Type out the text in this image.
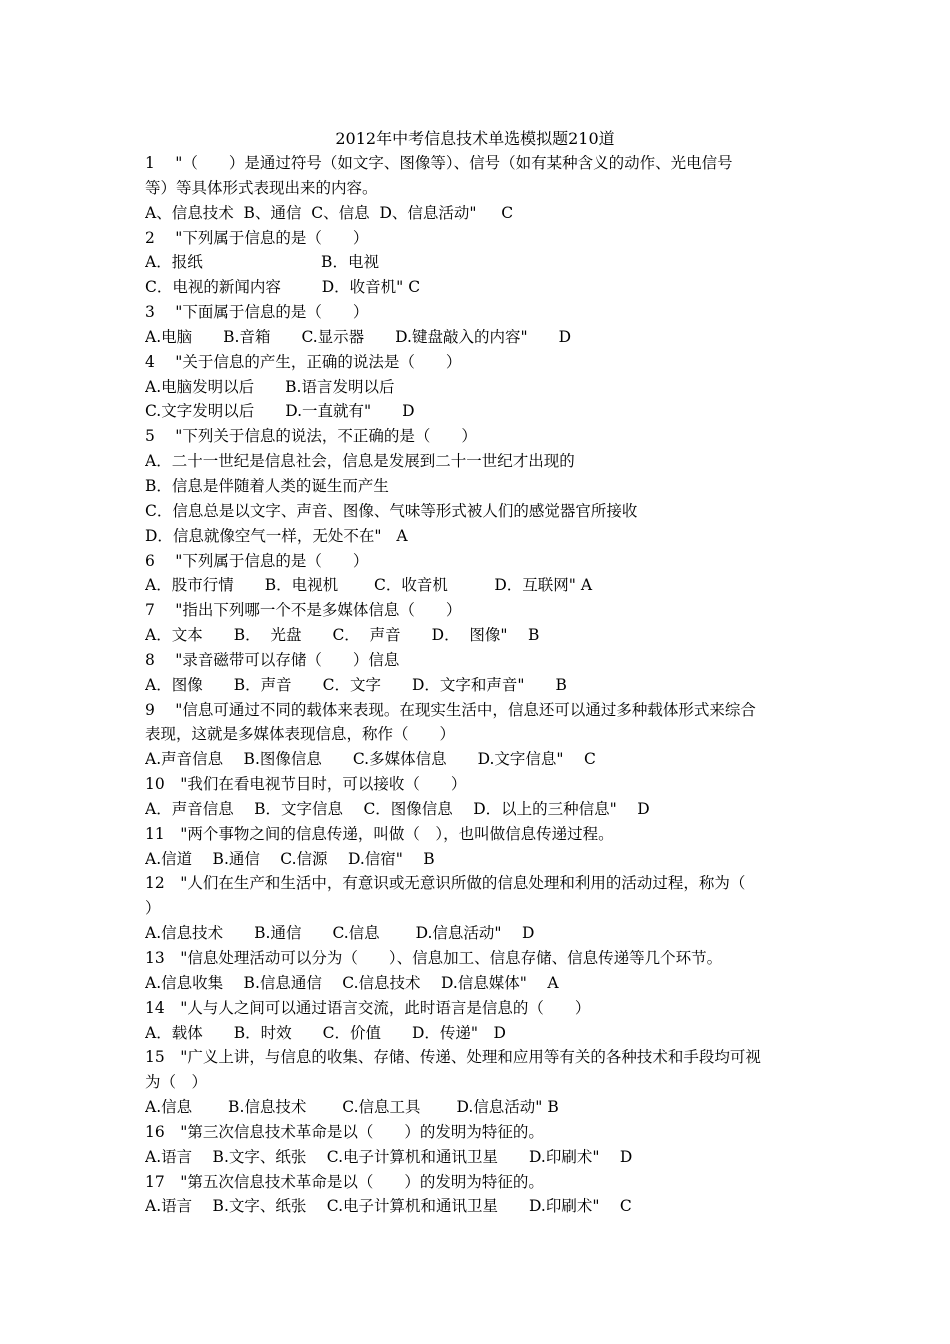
2012年中考信息技术单选模拟题210道
1　 "（　　）是通过符号（如文字、图像等）、信号（如有某种含义的动作、光电信号
等）等具体形式表现出来的内容。
A、信息技术  B、通信  C、信息  D、信息活动"     C
2　 "下列属于信息的是（　　）
A．报纸　　　　　　　  B．电视
C．电视的新闻内容　　  D．收音机" C
3　 "下面属于信息的是（　　）
A.电脑　　B.音箱　　C.显示器　　D.键盘敲入的内容"　　D
4　 "关于信息的产生，正确的说法是（　　）
A.电脑发明以后　　B.语言发明以后
C.文字发明以后　　D.一直就有"　　D
5　 "下列关于信息的说法，不正确的是（　　）
A．二十一世纪是信息社会，信息是发展到二十一世纪才出现的
B．信息是伴随着人类的诞生而产生
C．信息总是以文字、声音、图像、气味等形式被人们的感觉器官所接收
D．信息就像空气一样，无处不在"   A
6　 "下列属于信息的是（　　）
A．股市行情　　B．电视机　　 C．收音机　　　D．互联网" A
7　 "指出下列哪一个不是多媒体信息（　　）
A．文本　　B．  光盘　　C．  声音　　D．  图像"　 B
8　 "录音磁带可以存储（　　）信息
A．图像　　B．声音　　C．文字　　D．文字和声音"　　B
9　 "信息可通过不同的载体来表现。在现实生活中，信息还可以通过多种载体形式来综合
表现，这就是多媒体表现信息，称作（　　）
A.声音信息　 B.图像信息　　C.多媒体信息　　D.文字信息"　 C
10　"我们在看电视节目时，可以接收（　　）
A．声音信息　 B．文字信息　 C．图像信息　 D．以上的三种信息"　 D
11　"两个事物之间的信息传递，叫做（　），也叫做信息传递过程。
A.信道　 B.通信　 C.信源　 D.信宿"　 B
12　"人们在生产和生活中，有意识或无意识所做的信息处理和利用的活动过程，称为（
）
A.信息技术　　B.通信　　C.信息　　 D.信息活动"　 D
13　"信息处理活动可以分为（　　）、信息加工、信息存储、信息传递等几个环节。
A.信息收集　 B.信息通信　 C.信息技术　 D.信息媒体"　 A
14　"人与人之间可以通过语言交流，此时语言是信息的（　　）
A．载体　　B．时效　　C．价值　　D．传递"　D
15　"广义上讲，与信息的收集、存储、传递、处理和应用等有关的各种技术和手段均可视
为（　）
A.信息　　 B.信息技术　　 C.信息工具　　 D.信息活动" B
16　"第三次信息技术革命是以（　　）的发明为特征的。
A.语言　 B.文字、纸张　 C.电子计算机和通讯卫星　　D.印刷术"　 D
17　"第五次信息技术革命是以（　　）的发明为特征的。
A.语言　 B.文字、纸张　 C.电子计算机和通讯卫星　　D.印刷术"　 C
